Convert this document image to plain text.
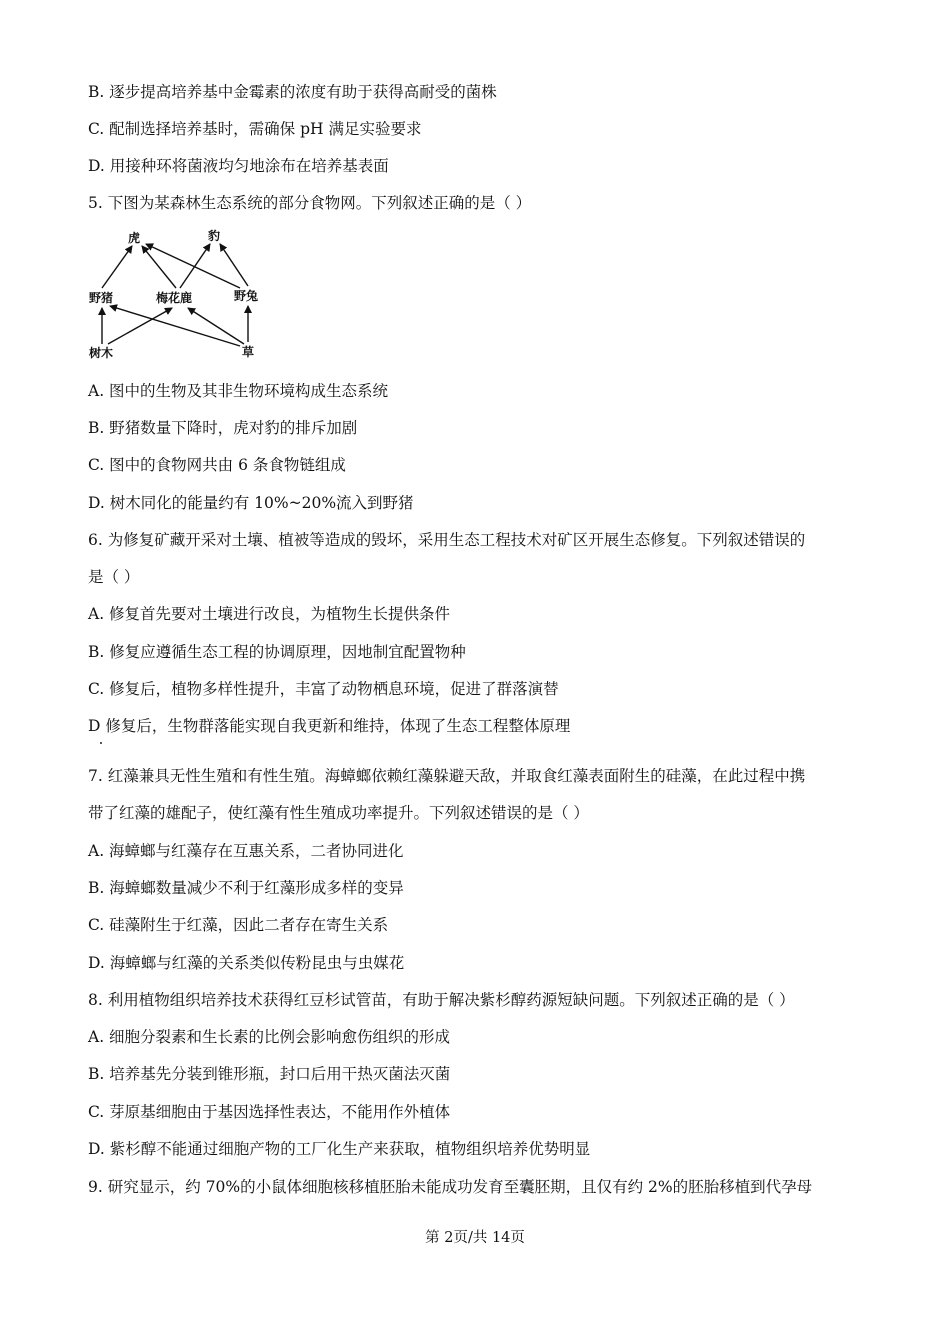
B. 逐步提高培养基中金霉素的浓度有助于获得高耐受的菌株
C. 配制选择培养基时，需确保 pH 满足实验要求
D. 用接种环将菌液均匀地涂布在培养基表面
5. 下图为某森林生态系统的部分食物网。下列叙述正确的是（ ）
虎	豹
野猪	梅花鹿	野兔
树木	草
A. 图中的生物及其非生物环境构成生态系统
B. 野猪数量下降时，虎对豹的排斥加剧
C. 图中的食物网共由 6 条食物链组成
D. 树木同化的能量约有 10%~20%流入到野猪
6. 为修复矿藏开采对土壤、植被等造成的毁坏，采用生态工程技术对矿区开展生态修复。下列叙述错误的
是（ ）
A. 修复首先要对土壤进行改良，为植物生长提供条件
B. 修复应遵循生态工程的协调原理，因地制宜配置物种
C. 修复后，植物多样性提升，丰富了动物栖息环境，促进了群落演替
D 修复后，生物群落能实现自我更新和维持，体现了生态工程整体原理
7. 红藻兼具无性生殖和有性生殖。海蟑螂依赖红藻躲避天敌，并取食红藻表面附生的硅藻，在此过程中携
带了红藻的雄配子，使红藻有性生殖成功率提升。下列叙述错误的是（ ）
A. 海蟑螂与红藻存在互惠关系，二者协同进化
B. 海蟑螂数量减少不利于红藻形成多样的变异
C. 硅藻附生于红藻，因此二者存在寄生关系
D. 海蟑螂与红藻的关系类似传粉昆虫与虫媒花
8. 利用植物组织培养技术获得红豆杉试管苗，有助于解决紫杉醇药源短缺问题。下列叙述正确的是（ ）
A. 细胞分裂素和生长素的比例会影响愈伤组织的形成
B. 培养基先分装到锥形瓶，封口后用干热灭菌法灭菌
C. 芽原基细胞由于基因选择性表达，不能用作外植体
D. 紫杉醇不能通过细胞产物的工厂化生产来获取，植物组织培养优势明显
9. 研究显示，约 70%的小鼠体细胞核移植胚胎未能成功发育至囊胚期，且仅有约 2%的胚胎移植到代孕母
第 2页/共 14页
